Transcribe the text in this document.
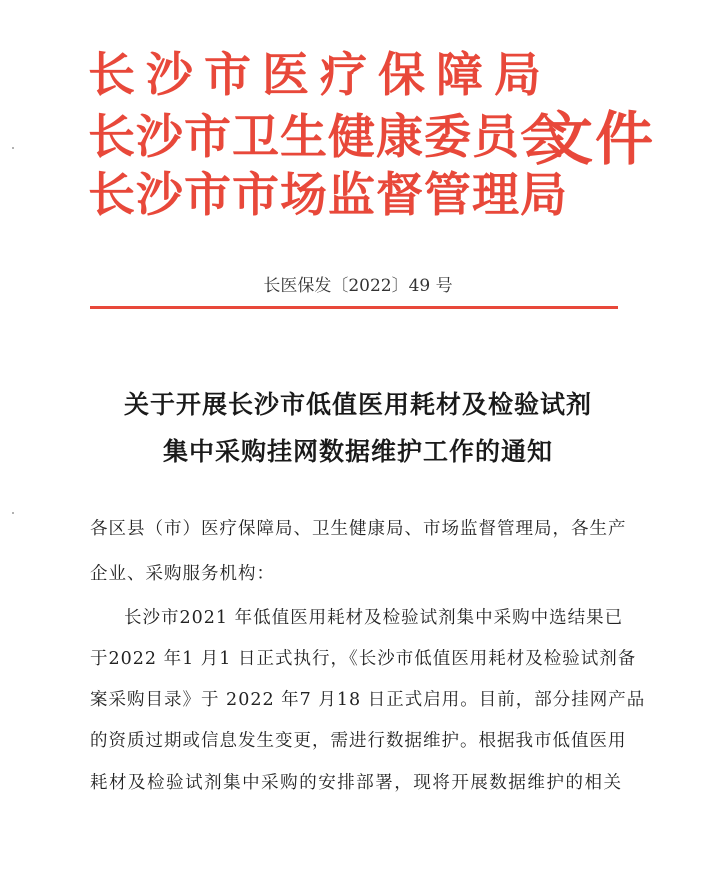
长沙市医疗保障局
长沙市卫生健康委员会
长沙市市场监督管理局
文件
长医保发〔2022〕49 号
关于开展长沙市低值医用耗材及检验试剂
集中采购挂网数据维护工作的通知
各区县（市）医疗保障局、卫生健康局、市场监督管理局，各生产
企业、采购服务机构：
长沙市2021 年低值医用耗材及检验试剂集中采购中选结果已
于2022 年1 月1 日正式执行，《长沙市低值医用耗材及检验试剂备
案采购目录》于 2022 年7 月18 日正式启用。目前，部分挂网产品
的资质过期或信息发生变更，需进行数据维护。根据我市低值医用
耗材及检验试剂集中采购的安排部署，现将开展数据维护的相关
